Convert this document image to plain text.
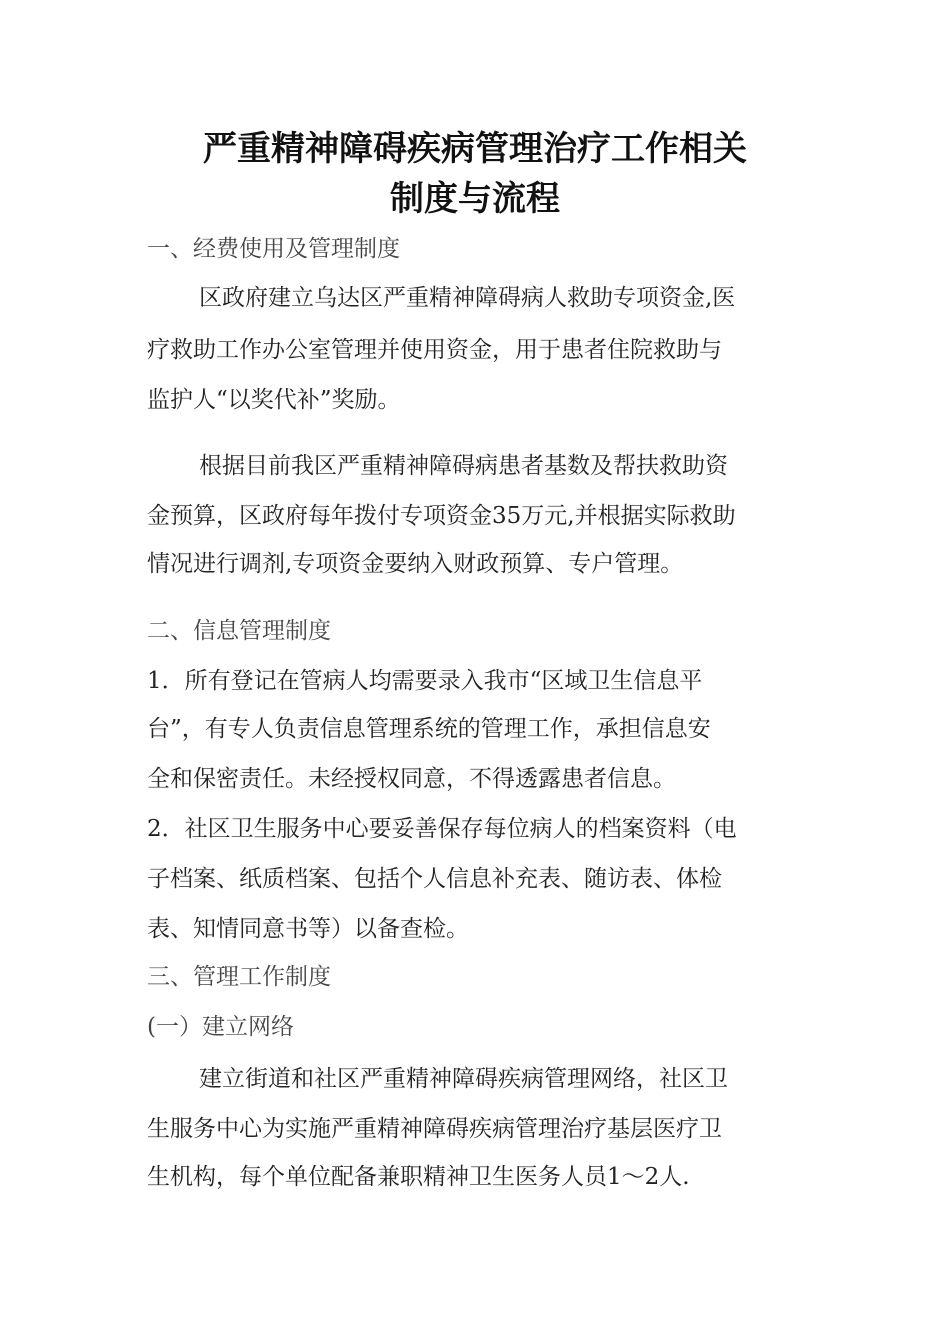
严重精神障碍疾病管理治疗工作相关
制度与流程
一、经费使用及管理制度
区政府建立乌达区严重精神障碍病人救助专项资金,医
疗救助工作办公室管理并使用资金，用于患者住院救助与
监护人“以奖代补”奖励。
根据目前我区严重精神障碍病患者基数及帮扶救助资
金预算，区政府每年拨付专项资金35万元,并根据实际救助
情况进行调剂,专项资金要纳入财政预算、专户管理。
二、信息管理制度
1．所有登记在管病人均需要录入我市“区域卫生信息平
台”，有专人负责信息管理系统的管理工作，承担信息安
全和保密责任。未经授权同意，不得透露患者信息。
2．社区卫生服务中心要妥善保存每位病人的档案资料（电
子档案、纸质档案、包括个人信息补充表、随访表、体检
表、知情同意书等）以备查检。
三、管理工作制度
(一）建立网络
建立街道和社区严重精神障碍疾病管理网络，社区卫
生服务中心为实施严重精神障碍疾病管理治疗基层医疗卫
生机构，每个单位配备兼职精神卫生医务人员1～2人.
